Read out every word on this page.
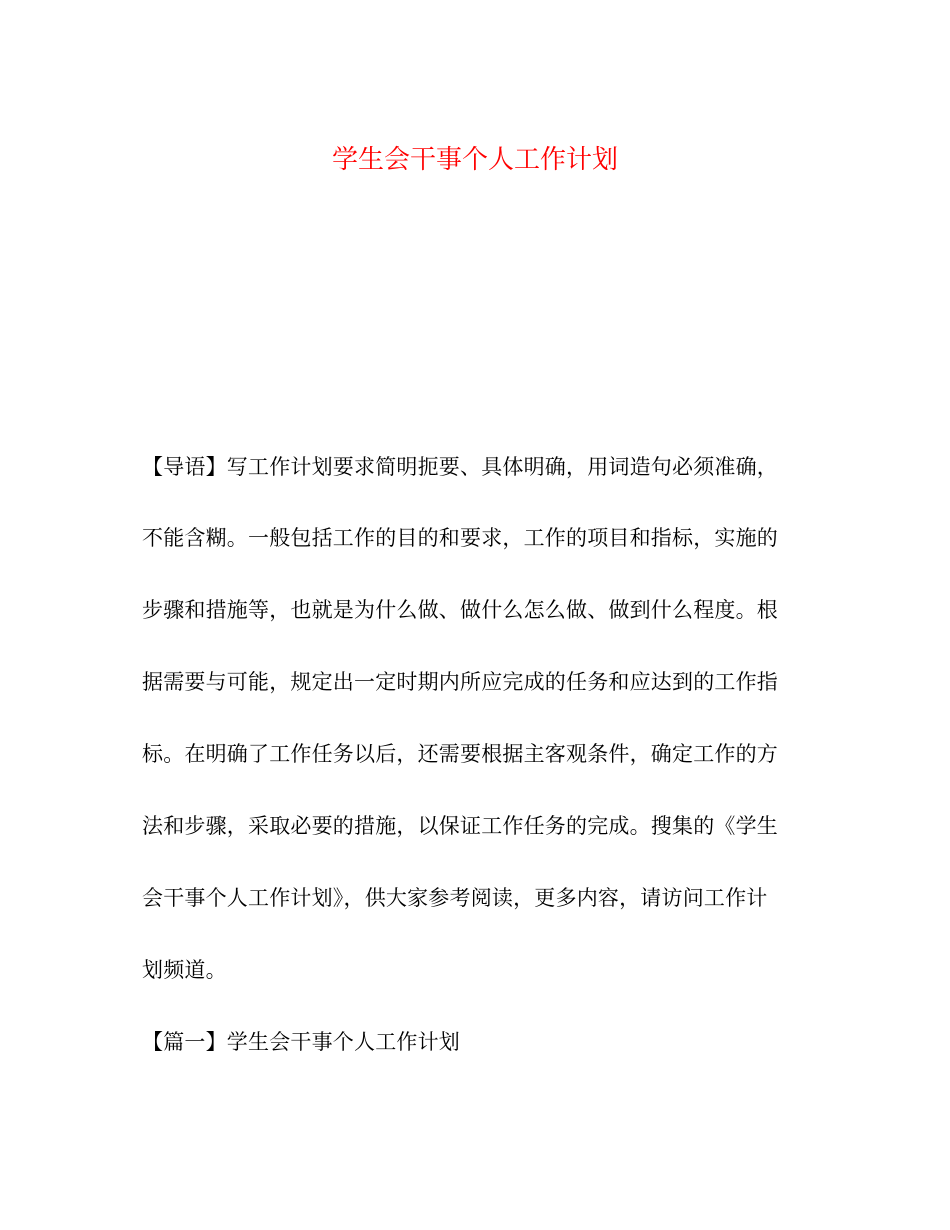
学生会干事个人工作计划
【导语】写工作计划要求简明扼要、具体明确，用词造句必须准确，
不能含糊。一般包括工作的目的和要求，工作的项目和指标，实施的
步骤和措施等，也就是为什么做、做什么怎么做、做到什么程度。根
据需要与可能，规定出一定时期内所应完成的任务和应达到的工作指
标。在明确了工作任务以后，还需要根据主客观条件，确定工作的方
法和步骤，采取必要的措施，以保证工作任务的完成。搜集的《学生
会干事个人工作计划》，供大家参考阅读，更多内容，请访问工作计
划频道。
【篇一】学生会干事个人工作计划
